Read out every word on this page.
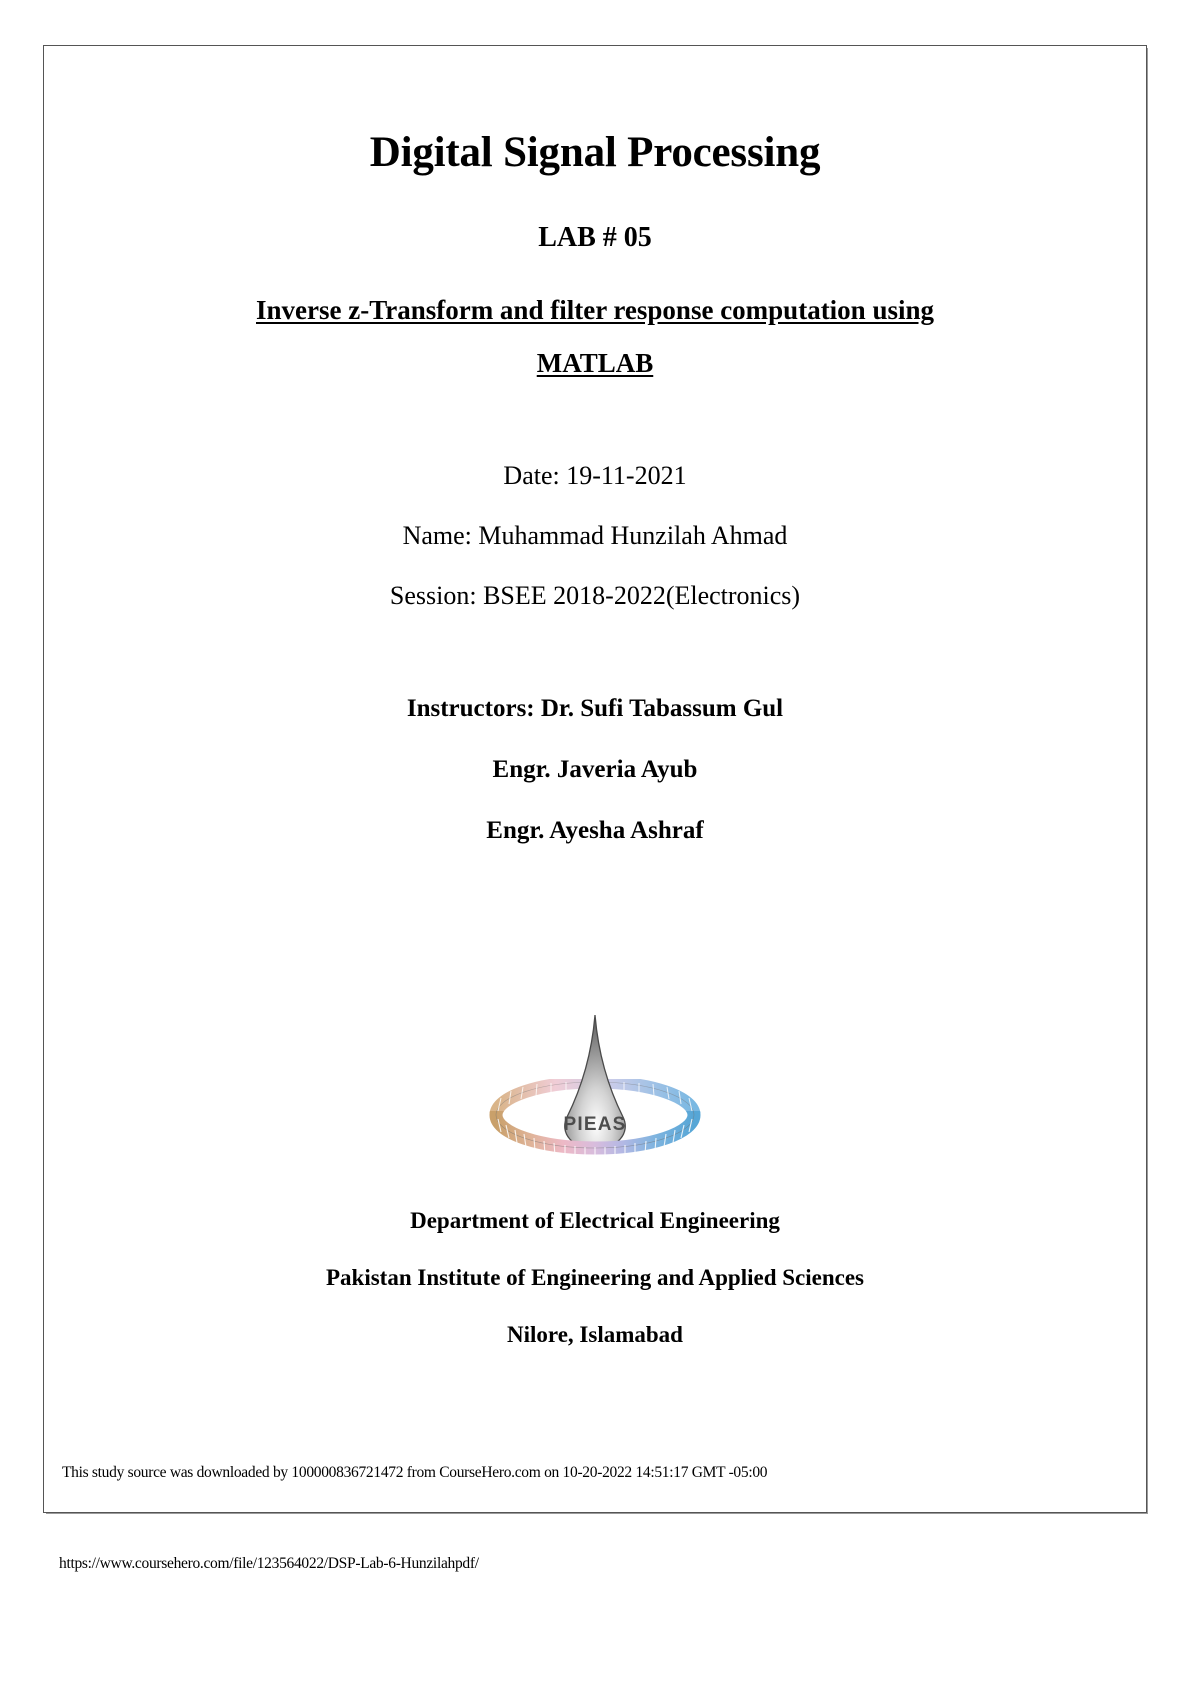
Digital Signal Processing
LAB # 05
Inverse z-Transform and filter response computation using
MATLAB

Date: 19-11-2021

Name: Muhammad Hunzilah Ahmad

Session: BSEE 2018-2022(Electronics)

Instructors: Dr. Sufi Tabassum Gul

Engr. Javeria Ayub

Engr. Ayesha Ashraf

PIEAS

Department of Electrical Engineering

Pakistan Institute of Engineering and Applied Sciences

Nilore, Islamabad

This study source was downloaded by 100000836721472 from CourseHero.com on 10-20-2022 14:51:17 GMT -05:00
https://www.coursehero.com/file/123564022/DSP-Lab-6-Hunzilahpdf/
